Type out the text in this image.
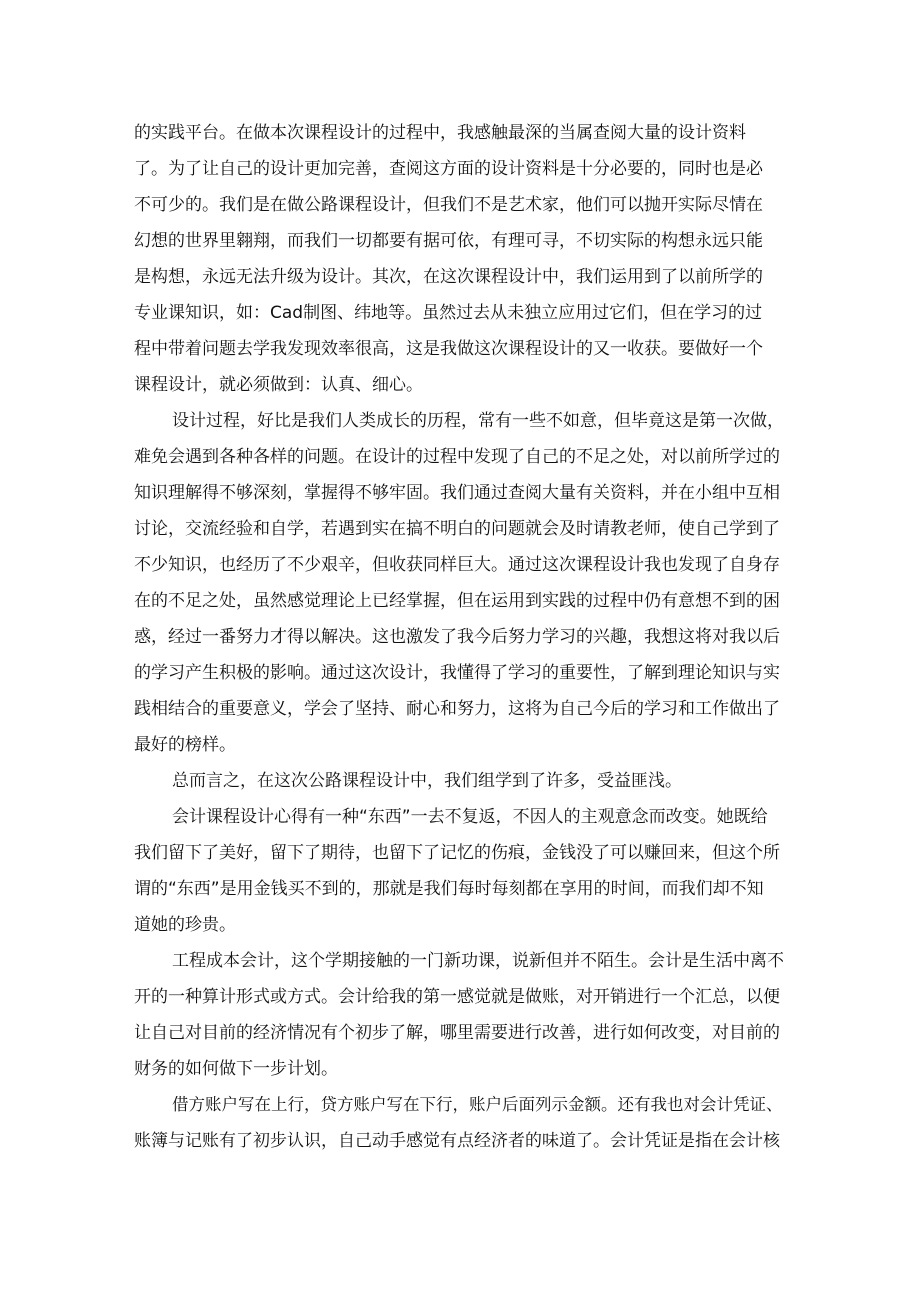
的实践平台。在做本次课程设计的过程中，我感触最深的当属查阅大量的设计资料
了。为了让自己的设计更加完善，查阅这方面的设计资料是十分必要的，同时也是必
不可少的。我们是在做公路课程设计，但我们不是艺术家，他们可以抛开实际尽情在
幻想的世界里翱翔，而我们一切都要有据可依，有理可寻，不切实际的构想永远只能
是构想，永远无法升级为设计。其次，在这次课程设计中，我们运用到了以前所学的
专业课知识，如：Cad制图、纬地等。虽然过去从未独立应用过它们，但在学习的过
程中带着问题去学我发现效率很高，这是我做这次课程设计的又一收获。要做好一个
课程设计，就必须做到：认真、细心。
设计过程，好比是我们人类成长的历程，常有一些不如意，但毕竟这是第一次做，
难免会遇到各种各样的问题。在设计的过程中发现了自己的不足之处，对以前所学过的
知识理解得不够深刻，掌握得不够牢固。我们通过查阅大量有关资料，并在小组中互相
讨论，交流经验和自学，若遇到实在搞不明白的问题就会及时请教老师，使自己学到了
不少知识，也经历了不少艰辛，但收获同样巨大。通过这次课程设计我也发现了自身存
在的不足之处，虽然感觉理论上已经掌握，但在运用到实践的过程中仍有意想不到的困
惑，经过一番努力才得以解决。这也激发了我今后努力学习的兴趣，我想这将对我以后
的学习产生积极的影响。通过这次设计，我懂得了学习的重要性，了解到理论知识与实
践相结合的重要意义，学会了坚持、耐心和努力，这将为自己今后的学习和工作做出了
最好的榜样。
总而言之，在这次公路课程设计中，我们组学到了许多，受益匪浅。
会计课程设计心得有一种“东西”一去不复返，不因人的主观意念而改变。她既给
我们留下了美好，留下了期待，也留下了记忆的伤痕，金钱没了可以赚回来，但这个所
谓的“东西”是用金钱买不到的，那就是我们每时每刻都在享用的时间，而我们却不知
道她的珍贵。
工程成本会计，这个学期接触的一门新功课，说新但并不陌生。会计是生活中离不
开的一种算计形式或方式。会计给我的第一感觉就是做账，对开销进行一个汇总，以便
让自己对目前的经济情况有个初步了解，哪里需要进行改善，进行如何改变，对目前的
财务的如何做下一步计划。
借方账户写在上行，贷方账户写在下行，账户后面列示金额。还有我也对会计凭证、
账簿与记账有了初步认识，自己动手感觉有点经济者的味道了。会计凭证是指在会计核
